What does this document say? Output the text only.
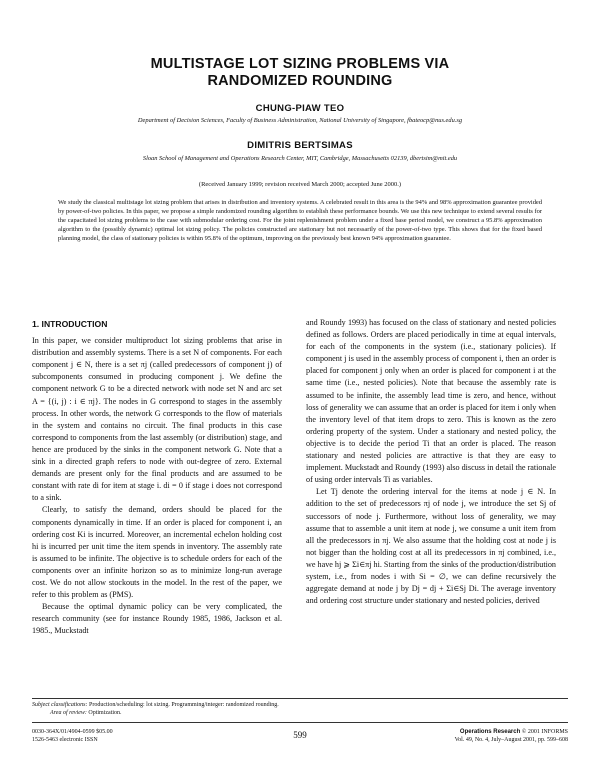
MULTISTAGE LOT SIZING PROBLEMS VIA
RANDOMIZED ROUNDING
CHUNG-PIAW TEO
Department of Decision Sciences, Faculty of Business Administration, National University of Singapore, fbateocp@nus.edu.sg
DIMITRIS BERTSIMAS
Sloan School of Management and Operations Research Center, MIT, Cambridge, Massachusetts 02139, dbertsim@mit.edu
(Received January 1999; revision received March 2000; accepted June 2000.)
We study the classical multistage lot sizing problem that arises in distribution and inventory systems. A celebrated result in this area is the 94% and 98% approximation guarantee provided by power-of-two policies. In this paper, we propose a simple randomized rounding algorithm to establish these performance bounds. We use this new technique to extend several results for the capacitated lot sizing problems to the case with submodular ordering cost. For the joint replenishment problem under a fixed base period model, we construct a 95.8% approximation algorithm to the (possibly dynamic) optimal lot sizing policy. The policies constructed are stationary but not necessarily of the power-of-two type. This shows that for the fixed based planning model, the class of stationary policies is within 95.8% of the optimum, improving on the previously best known 94% approximation guarantee.

1. INTRODUCTION

In this paper, we consider multiproduct lot sizing problems that arise in distribution and assembly systems. There is a set N of components. For each component j ∈ N, there is a set πj (called predecessors of component j) of subcomponents consumed in producing component j. We define the component network G to be a directed network with node set N and arc set A = {(i, j) : i ∈ πj}. The nodes in G correspond to stages in the assembly process. In other words, the network G corresponds to the flow of materials in the system and contains no circuit. The final products in this case correspond to components from the last assembly (or distribution) stage, and hence are produced by the sinks in the component network G. Note that a sink in a directed graph refers to node with out-degree of zero. External demands are present only for the final products and are assumed to be constant with rate di for item at stage i. di = 0 if stage i does not correspond to a sink.

Clearly, to satisfy the demand, orders should be placed for the components dynamically in time. If an order is placed for component i, an ordering cost Ki is incurred. Moreover, an incremental echelon holding cost hi is incurred per unit time the item spends in inventory. The assembly rate is assumed to be infinite. The objective is to schedule orders for each of the components over an infinite horizon so as to minimize long-run average cost. We do not allow stockouts in the model. In the rest of the paper, we refer to this problem as (PMS).

Because the optimal dynamic policy can be very complicated, the research community (see for instance Roundy 1985, 1986, Jackson et al. 1985., Muckstadt

and Roundy 1993) has focused on the class of stationary and nested policies defined as follows. Orders are placed periodically in time at equal intervals, for each of the components in the system (i.e., stationary policies). If component j is used in the assembly process of component i, then an order is placed for component j only when an order is placed for component i at the same time (i.e., nested policies). Note that because the assembly rate is assumed to be infinite, the assembly lead time is zero, and hence, without loss of generality we can assume that an order is placed for item i only when the inventory level of that item drops to zero. This is known as the zero ordering property of the system. Under a stationary and nested policy, the objective is to decide the period Ti that an order is placed. The reason stationary and nested policies are attractive is that they are easy to implement. Muckstadt and Roundy (1993) also discuss in detail the rationale of using order intervals Ti as variables.

Let Tj denote the ordering interval for the items at node j ∈ N. In addition to the set of predecessors πj of node j, we introduce the set Sj of successors of node j. Furthermore, without loss of generality, we may assume that to assemble a unit item at node j, we consume a unit item from all the predecessors in πj. We also assume that the holding cost at node j is not bigger than the holding cost at all its predecessors in πj combined, i.e., we have hj ⩾ Σi∈πj hi. Starting from the sinks of the production/distribution system, i.e., from nodes i with Si = ∅, we can define recursively the aggregate demand at node j by Dj = dj + Σi∈Sj Di. The average inventory and ordering cost structure under stationary and nested policies, derived

Subject classifications: Production/scheduling: lot sizing. Programming/integer: randomized rounding.
Area of review: Optimization.
0030-364X/01/4904-0599 $05.00
1526-5463 electronic ISSN	599	Operations Research © 2001 INFORMS
Vol. 49, No. 4, July–August 2001, pp. 599–608
